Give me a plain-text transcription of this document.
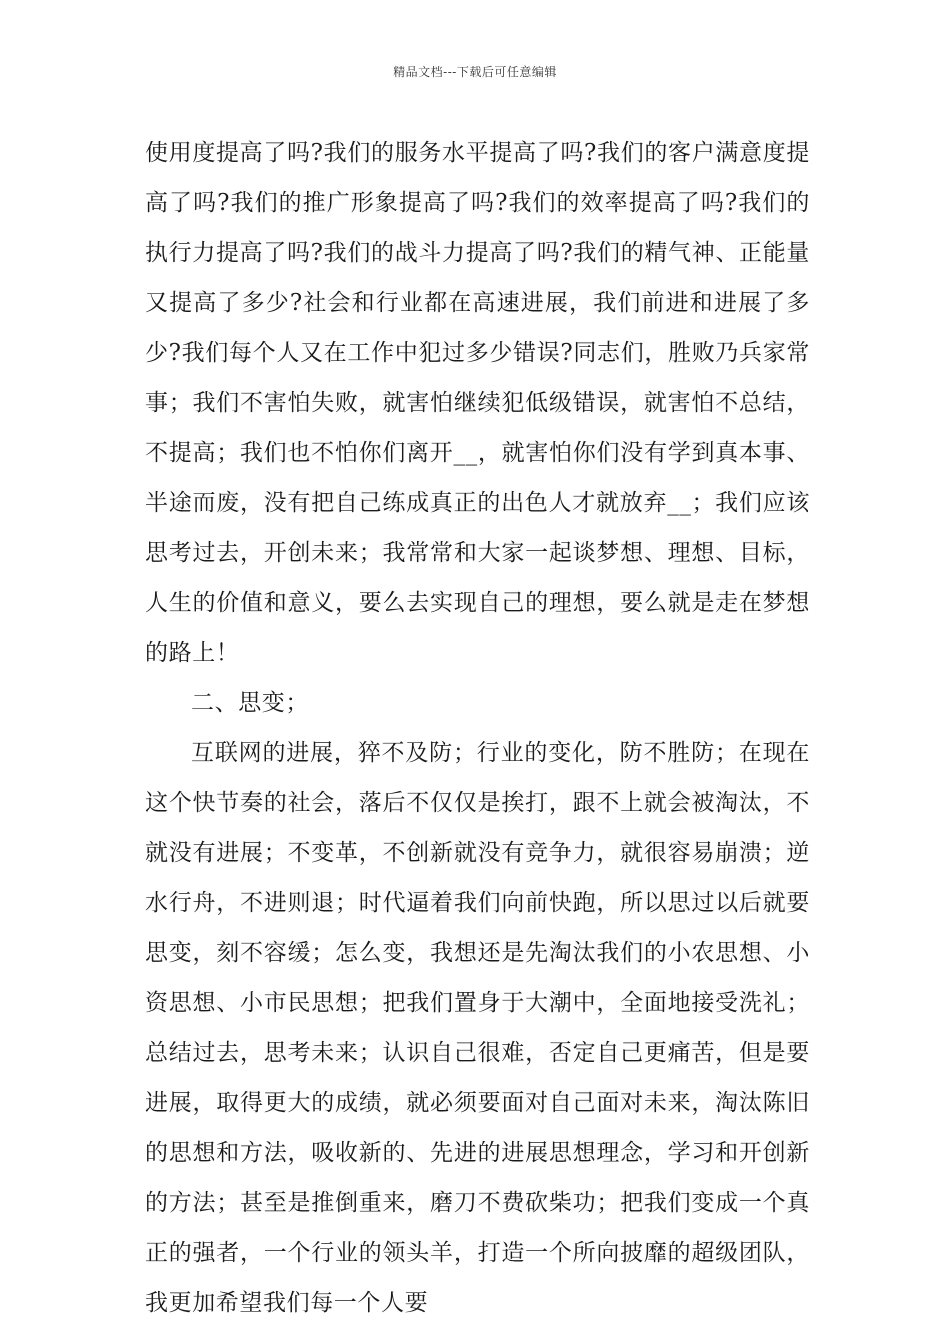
精品文档---下载后可任意编辑

使用度提高了吗?我们的服务水平提高了吗?我们的客户满意度提高了吗?我们的推广形象提高了吗?我们的效率提高了吗?我们的执行力提高了吗?我们的战斗力提高了吗?我们的精气神、正能量又提高了多少?社会和行业都在高速进展，我们前进和进展了多少?我们每个人又在工作中犯过多少错误?同志们，胜败乃兵家常事；我们不害怕失败，就害怕继续犯低级错误，就害怕不总结，不提高；我们也不怕你们离开__，就害怕你们没有学到真本事、半途而废，没有把自己练成真正的出色人才就放弃__；我们应该思考过去，开创未来；我常常和大家一起谈梦想、理想、目标，人生的价值和意义，要么去实现自己的理想，要么就是走在梦想的路上！

二、思变；

互联网的进展，猝不及防；行业的变化，防不胜防；在现在这个快节奏的社会，落后不仅仅是挨打，跟不上就会被淘汰，不就没有进展；不变革，不创新就没有竞争力，就很容易崩溃；逆水行舟，不进则退；时代逼着我们向前快跑，所以思过以后就要思变，刻不容缓；怎么变，我想还是先淘汰我们的小农思想、小资思想、小市民思想；把我们置身于大潮中，全面地接受洗礼；总结过去，思考未来；认识自己很难，否定自己更痛苦，但是要进展，取得更大的成绩，就必须要面对自己面对未来，淘汰陈旧的思想和方法，吸收新的、先进的进展思想理念，学习和开创新的方法；甚至是推倒重来，磨刀不费砍柴功；把我们变成一个真正的强者，一个行业的领头羊，打造一个所向披靡的超级团队，我更加希望我们每一个人要
